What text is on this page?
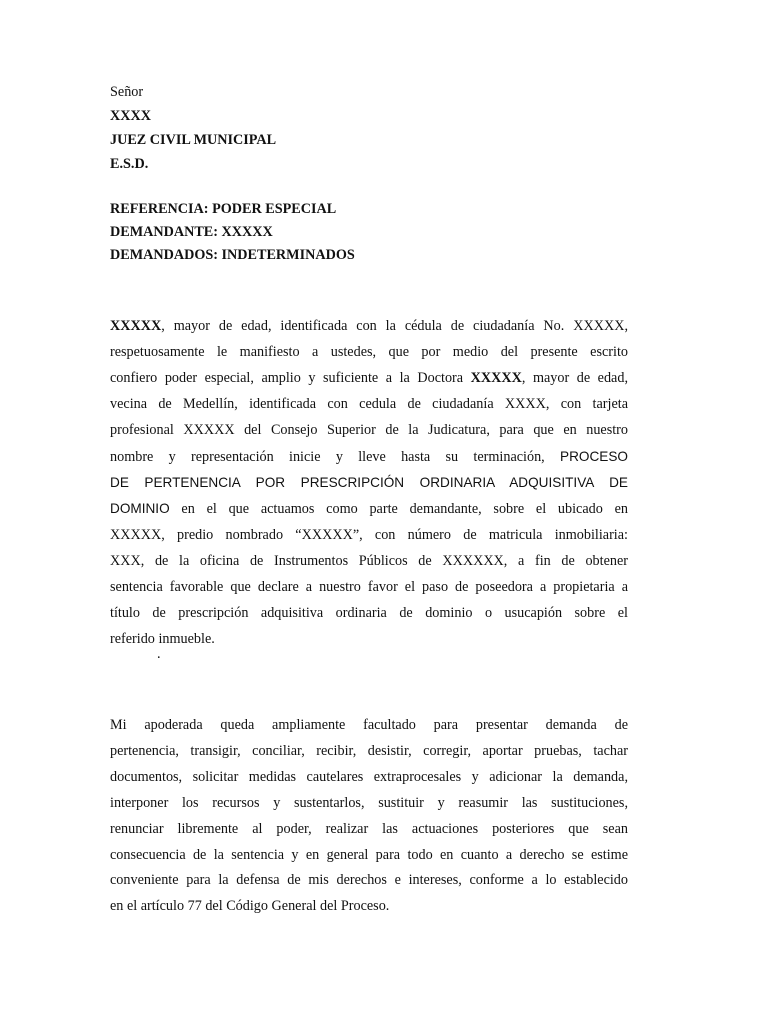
Señor

XXXX

JUEZ CIVIL MUNICIPAL

E.S.D.

REFERENCIA: PODER ESPECIAL

DEMANDANTE: XXXXX

DEMANDADOS: INDETERMINADOS

XXXXX, mayor de edad, identificada con la cédula de ciudadanía No. XXXXX,
respetuosamente le manifiesto a ustedes, que por medio del presente escrito
confiero poder especial, amplio y suficiente a la Doctora XXXXX, mayor de edad,
vecina de Medellín, identificada con cedula de ciudadanía XXXX, con tarjeta
profesional XXXXX del Consejo Superior de la Judicatura, para que en nuestro
nombre y representación inicie y lleve hasta su terminación, PROCESO
DE PERTENENCIA POR PRESCRIPCIÓN ORDINARIA ADQUISITIVA DE
DOMINIO en el que actuamos como parte demandante, sobre el ubicado en
XXXXX, predio nombrado “XXXXX”, con número de matricula inmobiliaria:
XXX, de la oficina de Instrumentos Públicos de XXXXXX, a fin de obtener
sentencia favorable que declare a nuestro favor el paso de poseedora a propietaria a
título de prescripción adquisitiva ordinaria de dominio o usucapión sobre el
referido inmueble.
.
Mi apoderada queda ampliamente facultado para presentar demanda de
pertenencia, transigir, conciliar, recibir, desistir, corregir, aportar pruebas, tachar
documentos, solicitar medidas cautelares extraprocesales y adicionar la demanda,
interponer los recursos y sustentarlos, sustituir y reasumir las sustituciones,
renunciar libremente al poder, realizar las actuaciones posteriores que sean
consecuencia de la sentencia y en general para todo en cuanto a derecho se estime
conveniente para la defensa de mis derechos e intereses, conforme a lo establecido
en el artículo 77 del Código General del Proceso.
